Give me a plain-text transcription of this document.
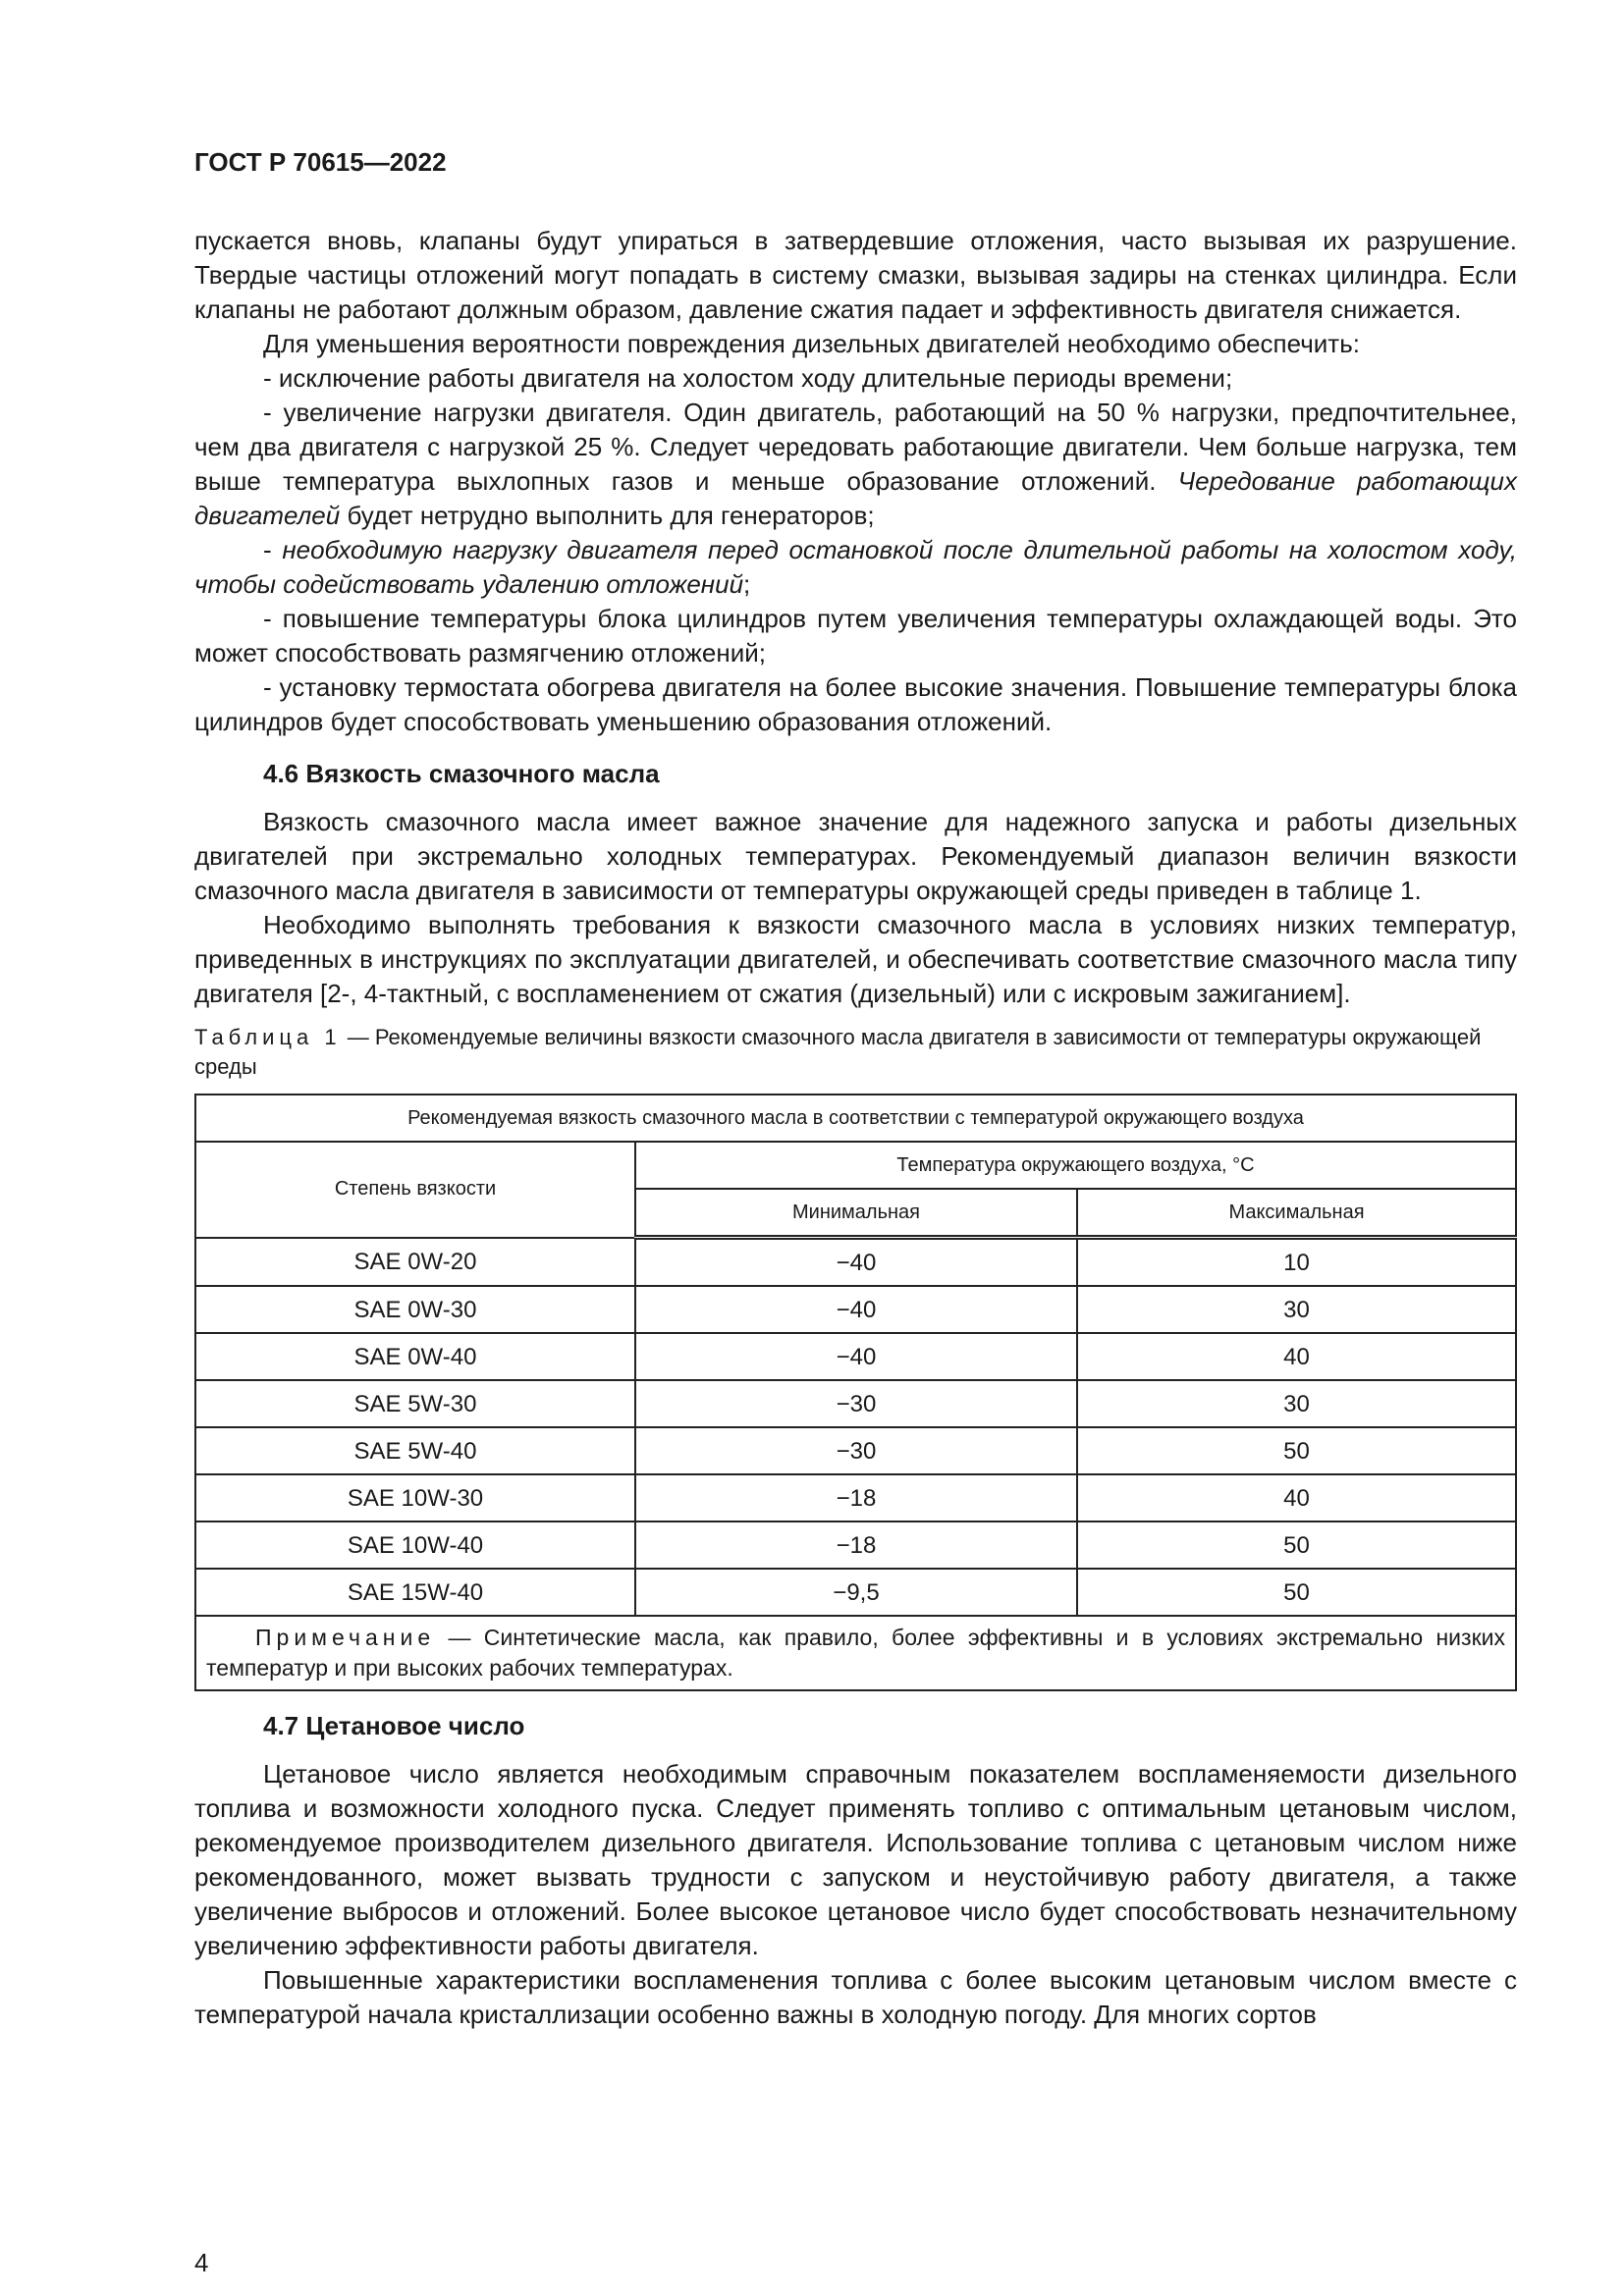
ГОСТ Р 70615—2022

пускается вновь, клапаны будут упираться в затвердевшие отложения, часто вызывая их разрушение. Твердые частицы отложений могут попадать в систему смазки, вызывая задиры на стенках цилиндра. Если клапаны не работают должным образом, давление сжатия падает и эффективность двигателя снижается.

Для уменьшения вероятности повреждения дизельных двигателей необходимо обеспечить:

- исключение работы двигателя на холостом ходу длительные периоды времени;

- увеличение нагрузки двигателя. Один двигатель, работающий на 50 % нагрузки, предпочтительнее, чем два двигателя с нагрузкой 25 %. Следует чередовать работающие двигатели. Чем больше нагрузка, тем выше температура выхлопных газов и меньше образование отложений. Чередование работающих двигателей будет нетрудно выполнить для генераторов;

- необходимую нагрузку двигателя перед остановкой после длительной работы на холостом ходу, чтобы содействовать удалению отложений;

- повышение температуры блока цилиндров путем увеличения температуры охлаждающей воды. Это может способствовать размягчению отложений;

- установку термостата обогрева двигателя на более высокие значения. Повышение температуры блока цилиндров будет способствовать уменьшению образования отложений.

4.6 Вязкость смазочного масла

Вязкость смазочного масла имеет важное значение для надежного запуска и работы дизельных двигателей при экстремально холодных температурах. Рекомендуемый диапазон величин вязкости смазочного масла двигателя в зависимости от температуры окружающей среды приведен в таблице 1.

Необходимо выполнять требования к вязкости смазочного масла в условиях низких температур, приведенных в инструкциях по эксплуатации двигателей, и обеспечивать соответствие смазочного масла типу двигателя [2-, 4-тактный, с воспламенением от сжатия (дизельный) или с искровым зажиганием].

Таблица 1 — Рекомендуемые величины вязкости смазочного масла двигателя в зависимости от температуры окружающей среды

Рекомендуемая вязкость смазочного масла в соответствии с температурой окружающего воздуха		
Степень вязкости	Температура окружающего воздуха, °C	
	Минимальная	Максимальная
SAE 0W-20	−40	10
SAE 0W-30	−40	30
SAE 0W-40	−40	40
SAE 5W-30	−30	30
SAE 5W-40	−30	50
SAE 10W-30	−18	40
SAE 10W-40	−18	50
SAE 15W-40	−9,5	50
Примечание — Синтетические масла, как правило, более эффективны и в условиях экстремально низких температур и при высоких рабочих температурах.		

4.7 Цетановое число

Цетановое число является необходимым справочным показателем воспламеняемости дизельного топлива и возможности холодного пуска. Следует применять топливо с оптимальным цетановым числом, рекомендуемое производителем дизельного двигателя. Использование топлива с цетановым числом ниже рекомендованного, может вызвать трудности с запуском и неустойчивую работу двигателя, а также увеличение выбросов и отложений. Более высокое цетановое число будет способствовать незначительному увеличению эффективности работы двигателя.

Повышенные характеристики воспламенения топлива с более высоким цетановым числом вместе с температурой начала кристаллизации особенно важны в холодную погоду. Для многих сортов

4
